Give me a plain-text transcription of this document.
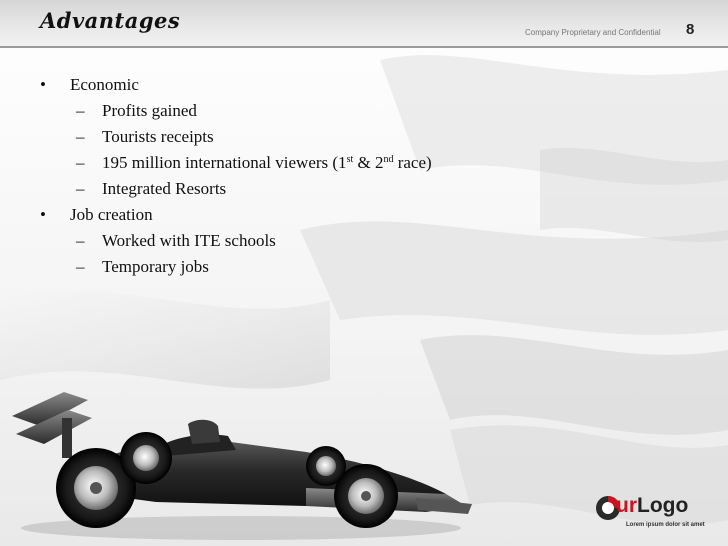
Advantages	Company Proprietary and Confidential	8
•	Economic
–	Profits gained
–	Tourists receipts
–	195 million international viewers (1st & 2nd race)
–	Integrated Resorts
•	Job creation
–	Worked with ITE schools
–	Temporary jobs
urLogo
Lorem ipsum dolor sit amet
